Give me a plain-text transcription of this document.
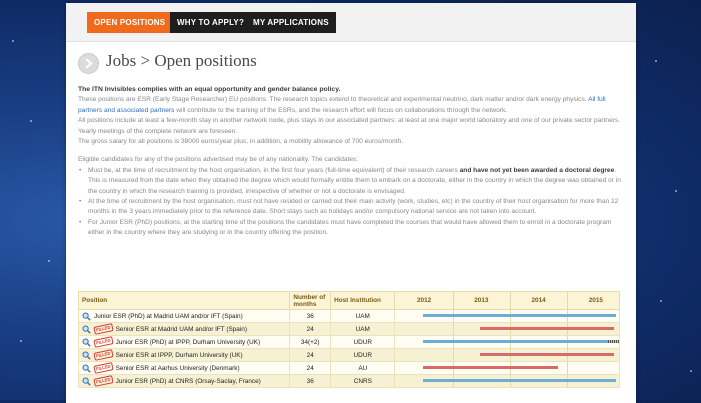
OPEN POSITIONS	WHY TO APPLY?	MY APPLICATIONS
Jobs > Open positions

The ITN Invisibles complies with an equal opportunity and gender balance policy.

These positions are ESR (Early Stage Researcher) EU positions. The research topics extend to theoretical and experimental neutrino, dark matter and/or dark energy physics. All full partners and associated partners will contribute to the training of the ESRs, and the research effort will focus on collaborations through the network.

All positions include at least a few-month stay in another network node, plus stays in our associated partners: at least at one major world laboratory and one of our private sector partners. Yearly meetings of the complete network are foreseen.

The gross salary for all positions is 38000 euros/year plus, in addition, a mobility allowance of 700 euros/month.

Eligible candidates for any of the positions advertised may be of any nationality. The candidates:

• Must be, at the time of recruitment by the host organisation, in the first four years (full-time equivalent) of their research careers and have not yet been awarded a doctoral degree. This is measured from the date when they obtained the degree which would formally entitle them to embark on a doctorate, either in the country in which the degree was obtained or in the country in which the research training is provided, irrespective of whether or not a doctorate is envisaged.
• At the time of recruitment by the host organisation, must not have resided or carried out their main activity (work, studies, etc) in the country of their host organisation for more than 12 months in the 3 years immediately prior to the reference date. Short stays such as holidays and/or compulsory national service are not taken into account.
• For Junior ESR (PhD) positions, at the starting time of the positions the candidates must have completed the courses that would have allowed them to enroll in a doctorate program either in the country where they are studying or in the country offering the position.
Position	Number of months	Host Institution	2012 2013 2014 2015

Junior ESR (PhD) at Madrid UAM and/or IFT (Spain)	36	UAM	

FILLED Senior ESR at Madrid UAM and/or IFT (Spain)	24	UAM	

FILLED Junior ESR (PhD) at IPPP, Durham University (UK)	34(+2)	UDUR	

FILLED Senior ESR at IPPP, Durham University (UK)	24	UDUR	

FILLED Senior ESR at Aarhus University (Denmark)	24	AU	

FILLED Junior ESR (PhD) at CNRS (Orsay-Saclay, France)	36	CNRS	
